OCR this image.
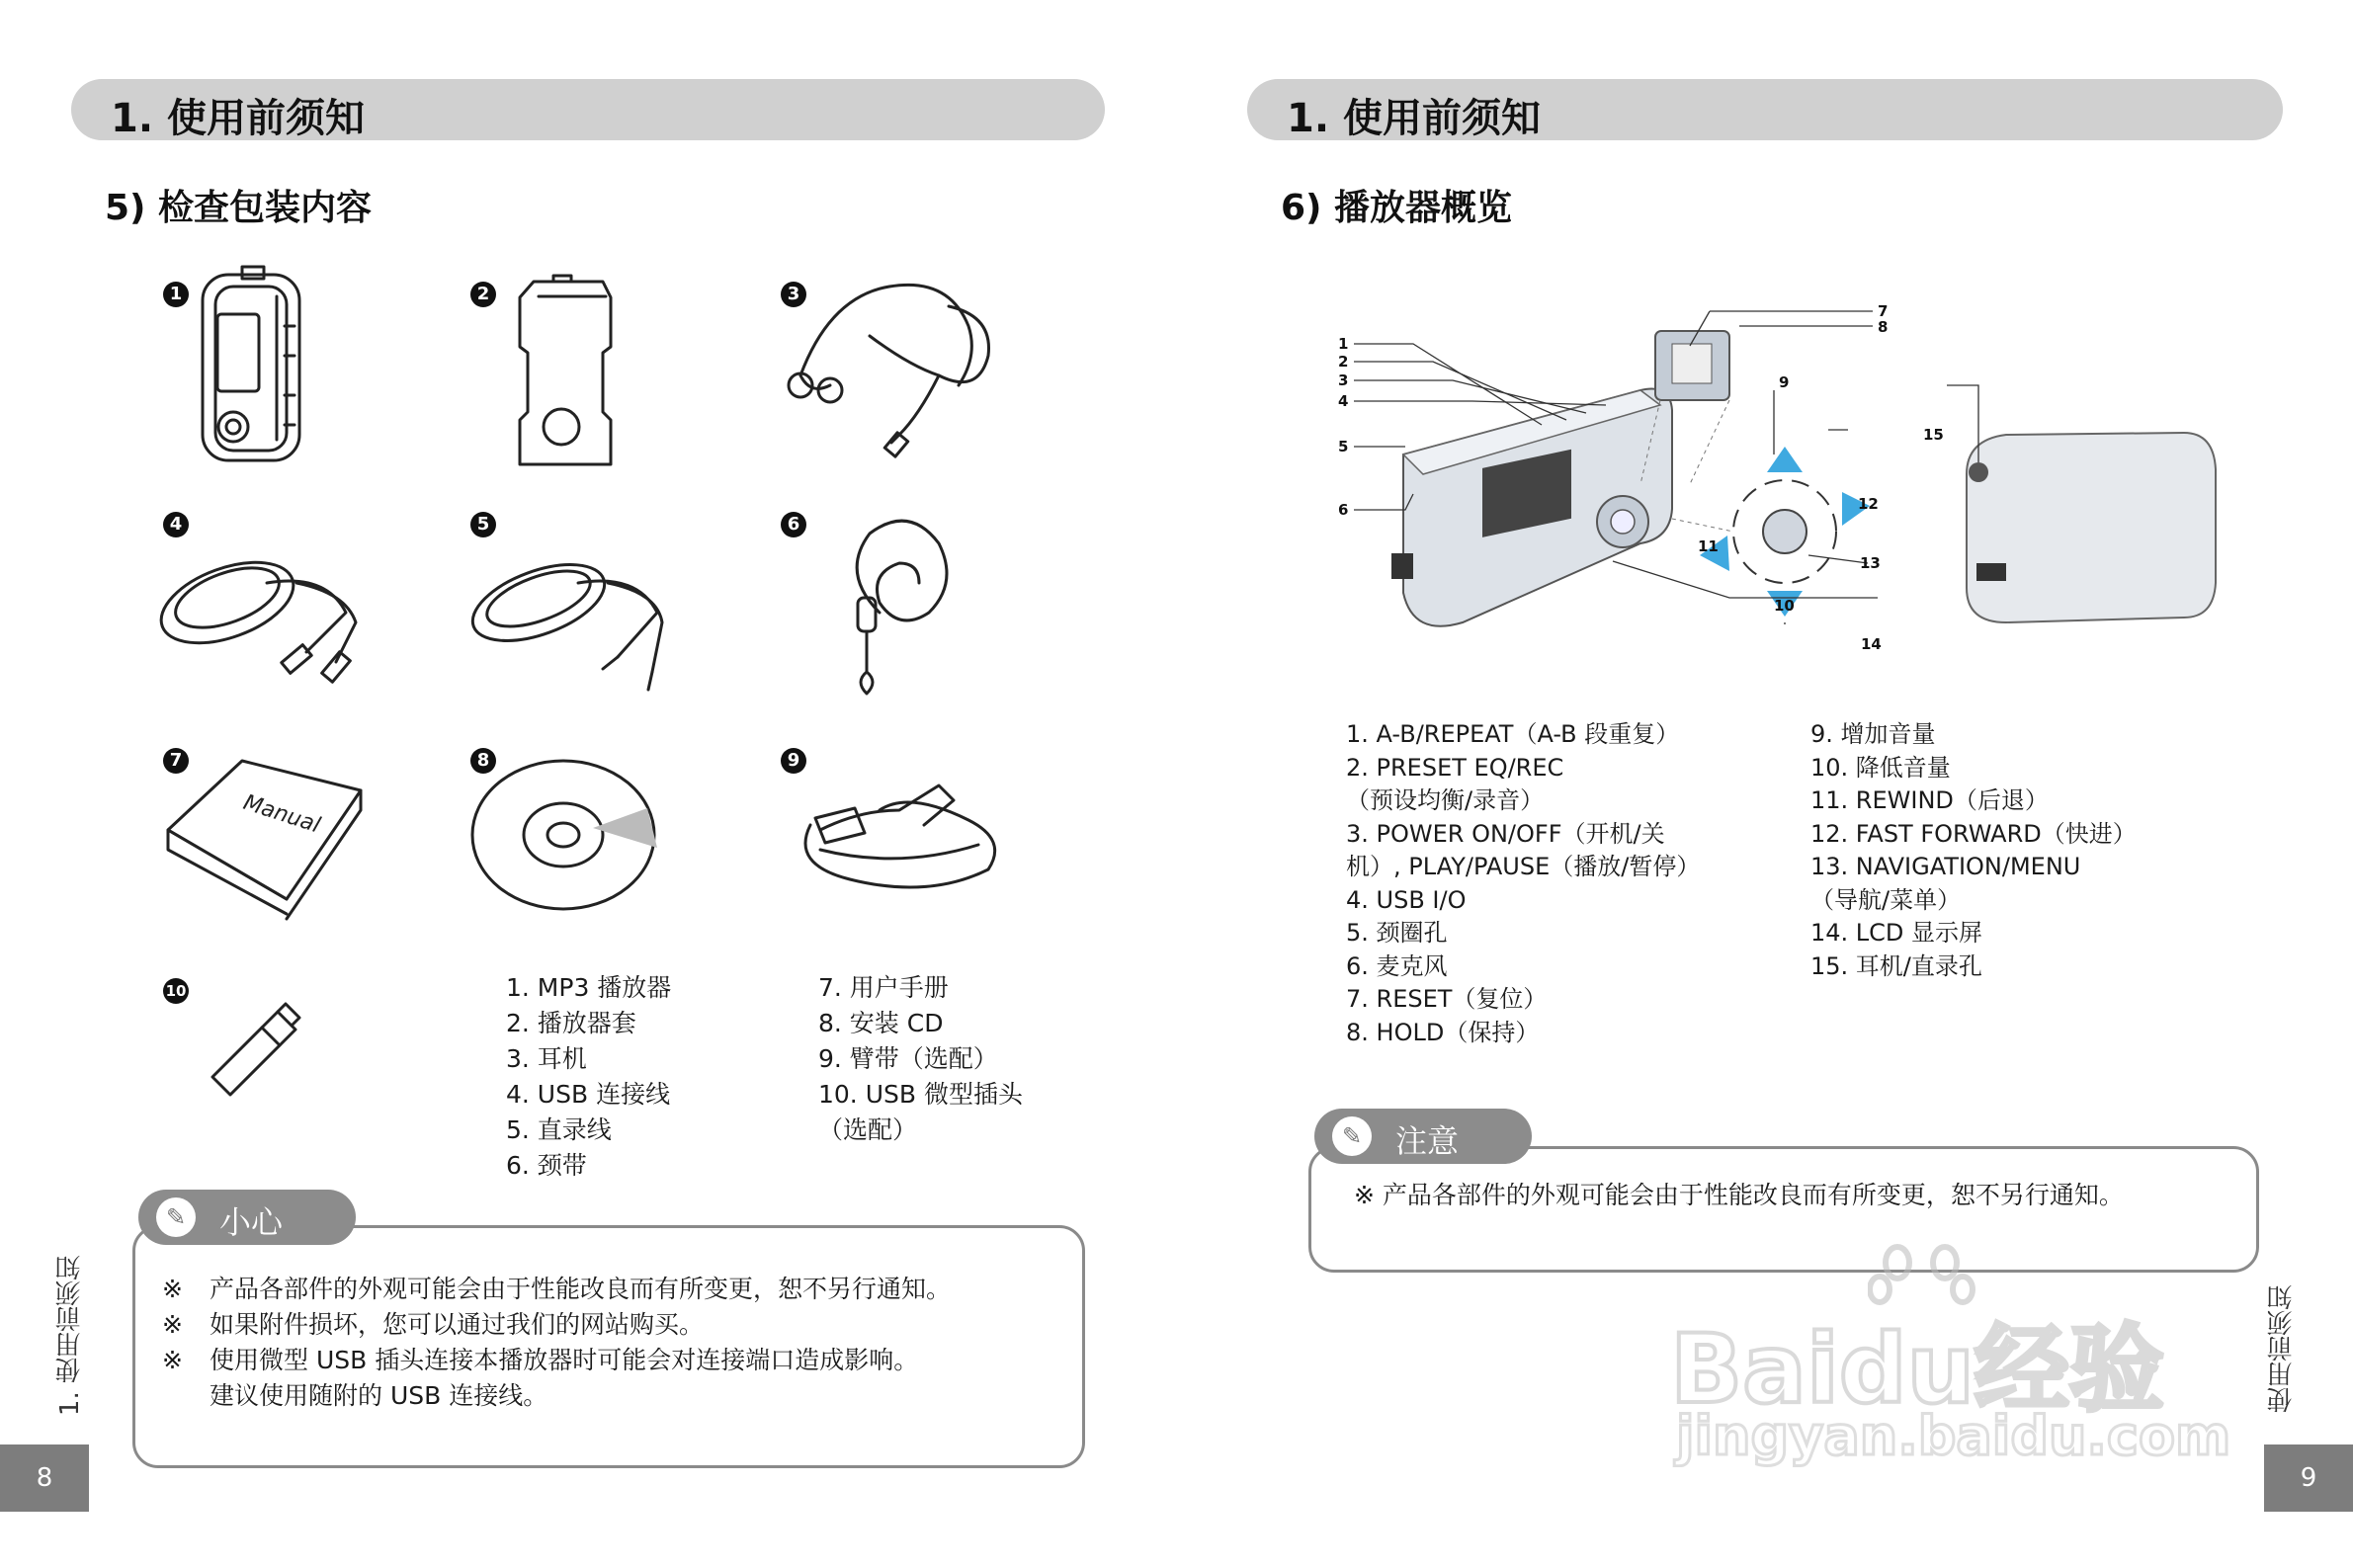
1. 使用前须知
5) 检查包装内容
1	2	3
4	5	6
7	8	9
10
Manual
1. MP3 播放器
2. 播放器套
3. 耳机
4. USB 连接线
5. 直录线
6. 颈带
7. 用户手册
8. 安装 CD
9. 臂带（选配）
10. USB 微型插头
（选配）
✎	小心
※ 产品各部件的外观可能会由于性能改良而有所变更，恕不另行通知。
※ 如果附件损坏，您可以通过我们的网站购买。
※ 使用微型 USB 插头连接本播放器时可能会对连接端口造成影响。
建议使用随附的 USB 连接线。
1. 使用前须知
8
1. 使用前须知
6) 播放器概览
1
2
3
4
5
6
7
8
9
10
11
12
13
14
15
1. A-B/REPEAT（A-B 段重复）
2. PRESET EQ/REC
（预设均衡/录音）
3. POWER ON/OFF（开机/关
机）, PLAY/PAUSE（播放/暂停）
4. USB I/O
5. 颈圈孔
6. 麦克风
7. RESET（复位）
8. HOLD（保持）
9. 增加音量
10. 降低音量
11. REWIND（后退）
12. FAST FORWARD（快进）
13. NAVIGATION/MENU
（导航/菜单）
14. LCD 显示屏
15. 耳机/直录孔
✎	注意
※ 产品各部件的外观可能会由于性能改良而有所变更，恕不另行通知。
Baidu经验
jingyan.baidu.com
使用前须知
9
